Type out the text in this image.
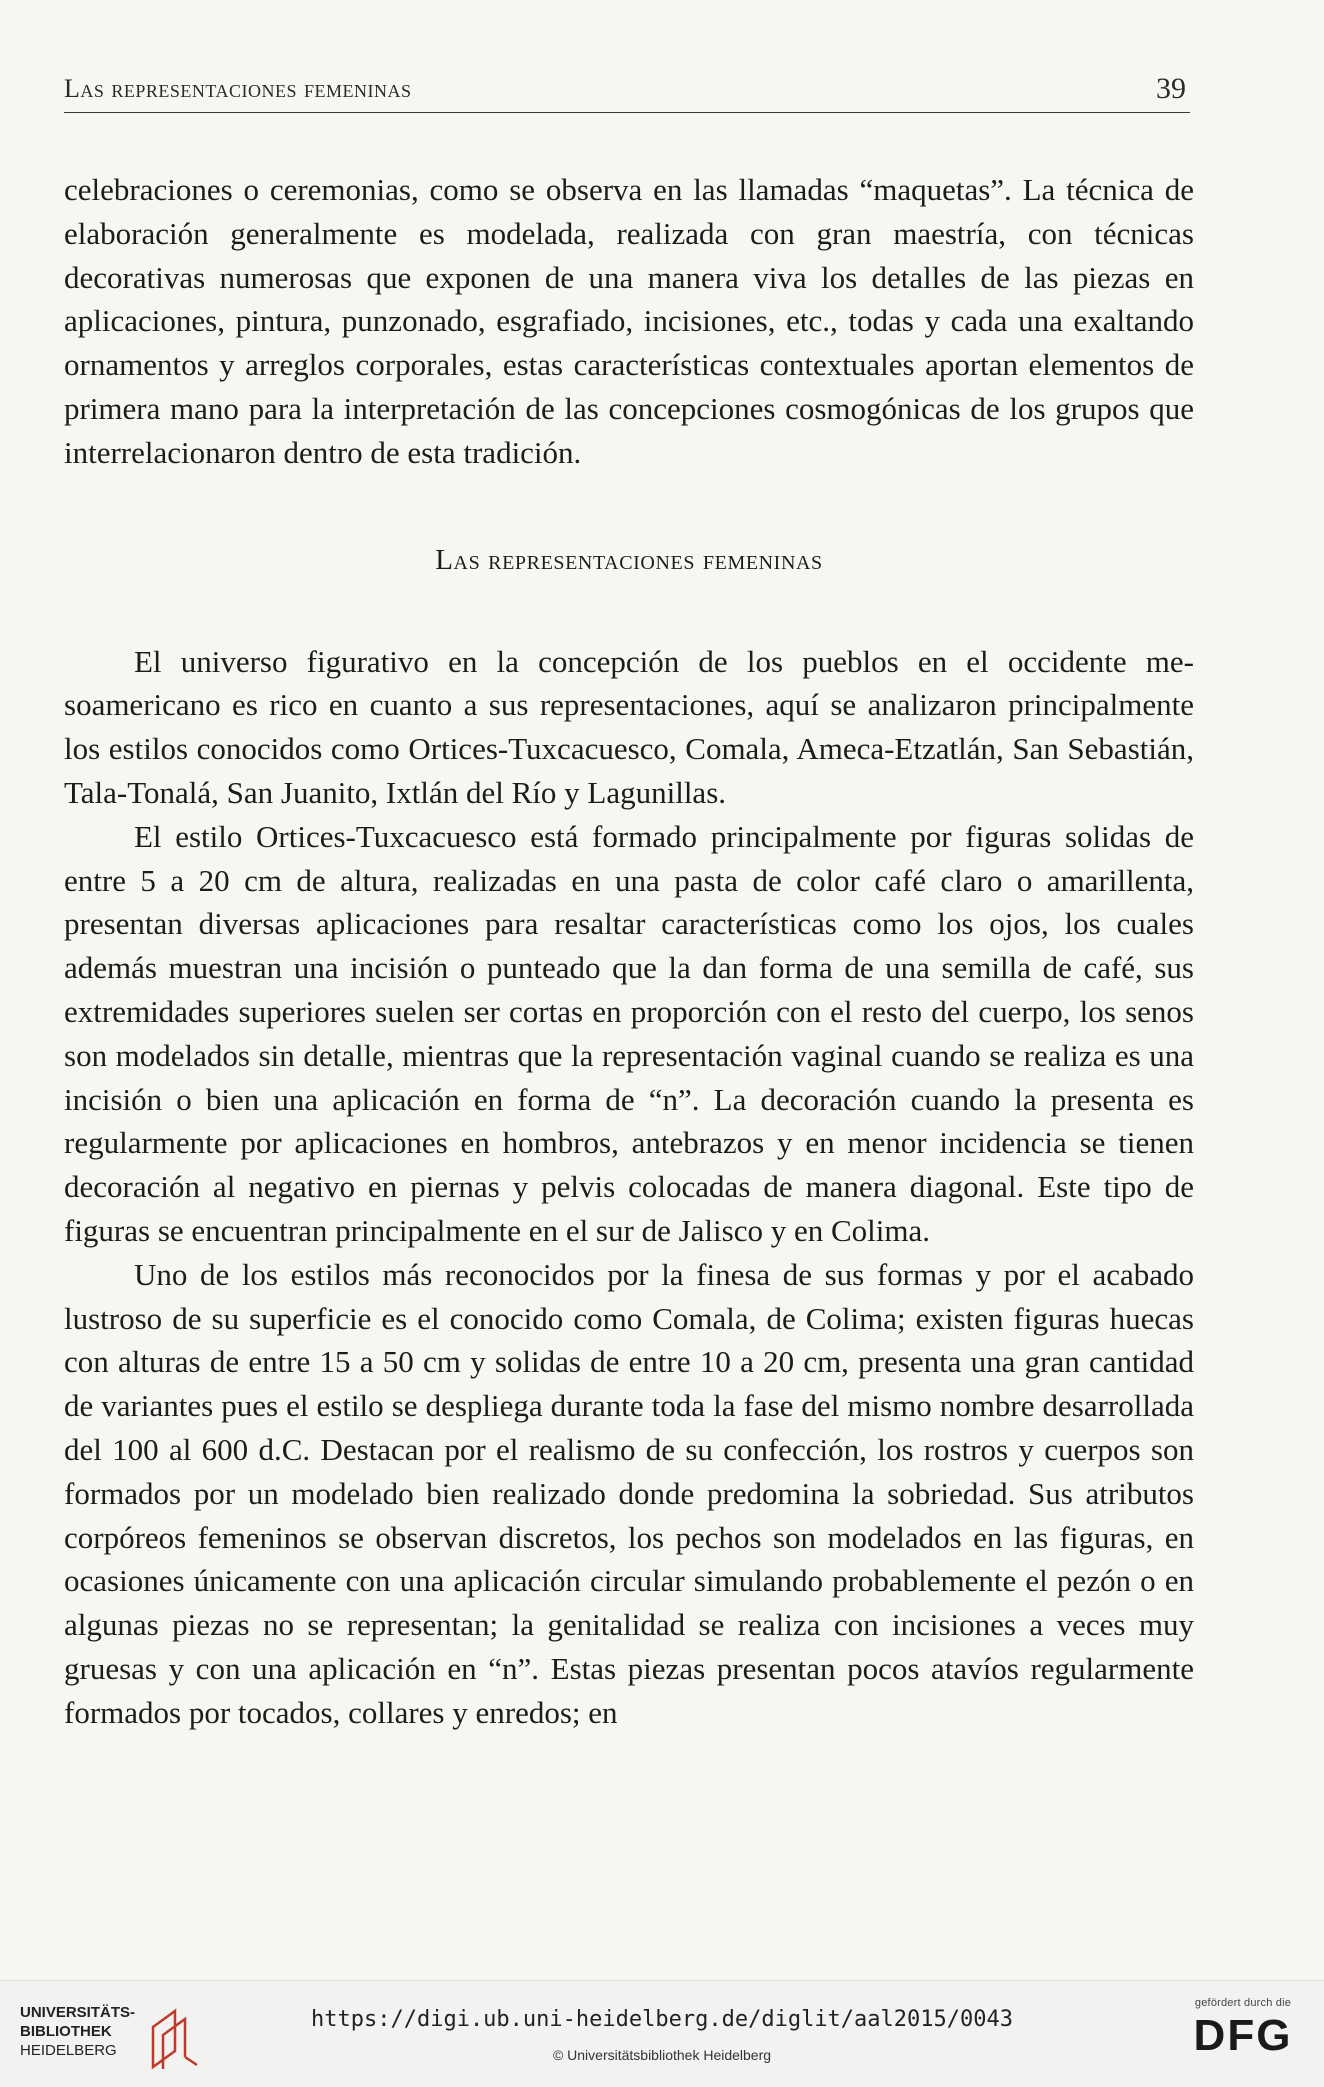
Las representaciones femeninas	39

celebraciones o ceremonias, como se observa en las llamadas “maquetas”. La técnica de elaboración generalmente es modelada, realizada con gran maestría, con técnicas decorativas numerosas que exponen de una manera viva los detalles de las piezas en aplicaciones, pintura, punzonado, esgrafiado, incisiones, etc., todas y cada una exaltando ornamentos y arreglos corporales, estas características contextuales aportan elementos de primera mano para la interpretación de las concepciones cosmogónicas de los grupos que interrelacionaron dentro de esta tradición.

Las representaciones femeninas

El universo figurativo en la concepción de los pueblos en el occidente mesoamericano es rico en cuanto a sus representaciones, aquí se analizaron principalmente los estilos conocidos como Ortices-Tuxcacuesco, Comala, Ameca-Etzatlán, San Sebastián, Tala-Tonalá, San Juanito, Ixtlán del Río y Lagunillas.

El estilo Ortices-Tuxcacuesco está formado principalmente por figuras solidas de entre 5 a 20 cm de altura, realizadas en una pasta de color café claro o amarillenta, presentan diversas aplicaciones para resaltar características como los ojos, los cuales además muestran una incisión o punteado que la dan forma de una semilla de café, sus extremidades superiores suelen ser cortas en proporción con el resto del cuerpo, los senos son modelados sin detalle, mientras que la representación vaginal cuando se realiza es una incisión o bien una aplicación en forma de “n”. La decoración cuando la presenta es regularmente por aplicaciones en hombros, antebrazos y en menor incidencia se tienen decoración al negativo en piernas y pelvis colocadas de manera diagonal. Este tipo de figuras se encuentran principalmente en el sur de Jalisco y en Colima.

Uno de los estilos más reconocidos por la finesa de sus formas y por el acabado lustroso de su superficie es el conocido como Comala, de Colima; existen figuras huecas con alturas de entre 15 a 50 cm y solidas de entre 10 a 20 cm, presenta una gran cantidad de variantes pues el estilo se despliega durante toda la fase del mismo nombre desarrollada del 100 al 600 d.C. Destacan por el realismo de su confección, los rostros y cuerpos son formados por un modelado bien realizado donde predomina la sobriedad. Sus atributos corpóreos femeninos se observan discretos, los pechos son modelados en las figuras, en ocasiones únicamente con una aplicación circular simulando probablemente el pezón o en algunas piezas no se representan; la genitalidad se realiza con incisiones a veces muy gruesas y con una aplicación en “n”. Estas piezas presentan pocos atavíos regularmente formados por tocados, collares y enredos; en

UNIVERSITÄTS-
BIBLIOTHEK
HEIDELBERG
https://digi.ub.uni-heidelberg.de/diglit/aal2015/0043
© Universitätsbibliothek Heidelberg
gefördert durch die
DFG
